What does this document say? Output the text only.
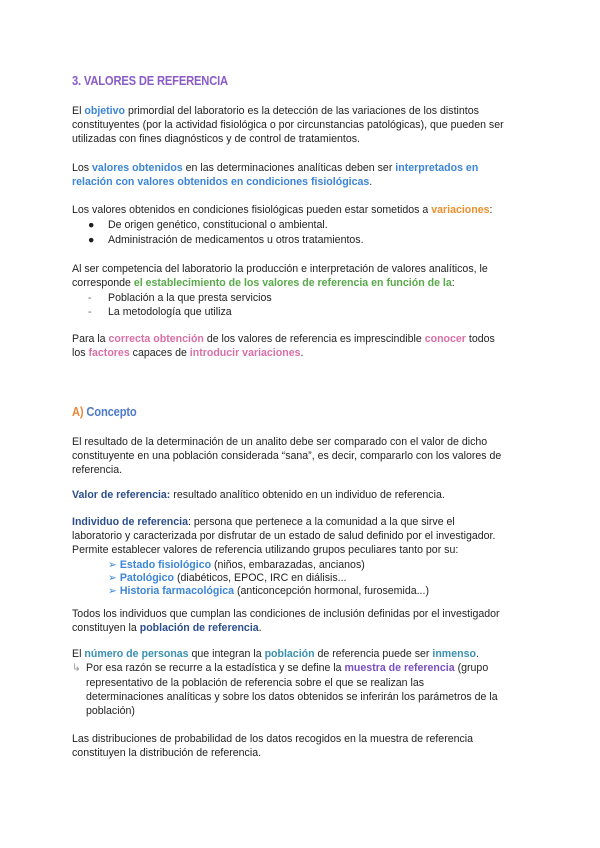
3. VALORES DE REFERENCIA
El objetivo primordial del laboratorio es la detección de las variaciones de los distintos
constituyentes (por la actividad fisiológica o por circunstancias patológicas), que pueden ser
utilizadas con fines diagnósticos y de control de tratamientos.
Los valores obtenidos en las determinaciones analíticas deben ser interpretados en
relación con valores obtenidos en condiciones fisiológicas.
Los valores obtenidos en condiciones fisiológicas pueden estar sometidos a variaciones:
● De origen genético, constitucional o ambiental.
● Administración de medicamentos u otros tratamientos.
Al ser competencia del laboratorio la producción e interpretación de valores analíticos, le
corresponde el establecimiento de los valores de referencia en función de la:
- Población a la que presta servicios
- La metodología que utiliza
Para la correcta obtención de los valores de referencia es imprescindible conocer todos
los factores capaces de introducir variaciones.
A) Concepto
El resultado de la determinación de un analito debe ser comparado con el valor de dicho
constituyente en una población considerada “sana”, es decir, compararlo con los valores de
referencia.
Valor de referencia: resultado analítico obtenido en un individuo de referencia.
Individuo de referencia: persona que pertenece a la comunidad a la que sirve el
laboratorio y caracterizada por disfrutar de un estado de salud definido por el investigador.
Permite establecer valores de referencia utilizando grupos peculiares tanto por su:
➢ Estado fisiológico (niños, embarazadas, ancianos)
➢ Patológico (diabéticos, EPOC, IRC en diálisis...
➢ Historia farmacológica (anticoncepción hormonal, furosemida...)
Todos los individuos que cumplan las condiciones de inclusión definidas por el investigador
constituyen la población de referencia.
El número de personas que integran la población de referencia puede ser inmenso.
↳ Por esa razón se recurre a la estadística y se define la muestra de referencia (grupo
representativo de la población de referencia sobre el que se realizan las
determinaciones analíticas y sobre los datos obtenidos se inferirán los parámetros de la
población)
Las distribuciones de probabilidad de los datos recogidos en la muestra de referencia
constituyen la distribución de referencia.
